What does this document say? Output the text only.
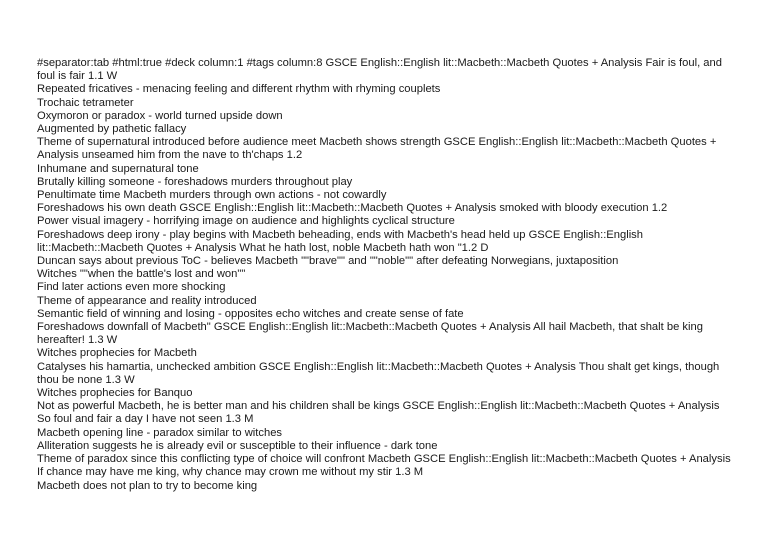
#separator:tab #html:true #deck column:1 #tags column:8 GSCE English::English lit::Macbeth::Macbeth Quotes + Analysis Fair is foul, and foul is fair 1.1 W

Repeated fricatives - menacing feeling and different rhythm with rhyming couplets

Trochaic tetrameter

Oxymoron or paradox - world turned upside down

Augmented by pathetic fallacy

Theme of supernatural introduced before audience meet Macbeth shows strength GSCE English::English lit::Macbeth::Macbeth Quotes + Analysis unseamed him from the nave to th'chaps 1.2

Inhumane and supernatural tone

Brutally killing someone - foreshadows murders throughout play

Penultimate time Macbeth murders through own actions - not cowardly

Foreshadows his own death GSCE English::English lit::Macbeth::Macbeth Quotes + Analysis smoked with bloody execution 1.2

Power visual imagery - horrifying image on audience and highlights cyclical structure

Foreshadows deep irony - play begins with Macbeth beheading, ends with Macbeth's head held up GSCE English::English lit::Macbeth::Macbeth Quotes + Analysis What he hath lost, noble Macbeth hath won "1.2 D

Duncan says about previous ToC - believes Macbeth ""brave"" and ""noble"" after defeating Norwegians, juxtaposition

Witches ""when the battle's lost and won""

Find later actions even more shocking

Theme of appearance and reality introduced

Semantic field of winning and losing - opposites echo witches and create sense of fate

Foreshadows downfall of Macbeth" GSCE English::English lit::Macbeth::Macbeth Quotes + Analysis All hail Macbeth, that shalt be king hereafter! 1.3 W

Witches prophecies for Macbeth

Catalyses his hamartia, unchecked ambition GSCE English::English lit::Macbeth::Macbeth Quotes + Analysis Thou shalt get kings, though thou be none 1.3 W

Witches prophecies for Banquo

Not as powerful Macbeth, he is better man and his children shall be kings GSCE English::English lit::Macbeth::Macbeth Quotes + Analysis So foul and fair a day I have not seen 1.3 M

Macbeth opening line - paradox similar to witches

Alliteration suggests he is already evil or susceptible to their influence - dark tone

Theme of paradox since this conflicting type of choice will confront Macbeth GSCE English::English lit::Macbeth::Macbeth Quotes + Analysis If chance may have me king, why chance may crown me without my stir 1.3 M

Macbeth does not plan to try to become king
